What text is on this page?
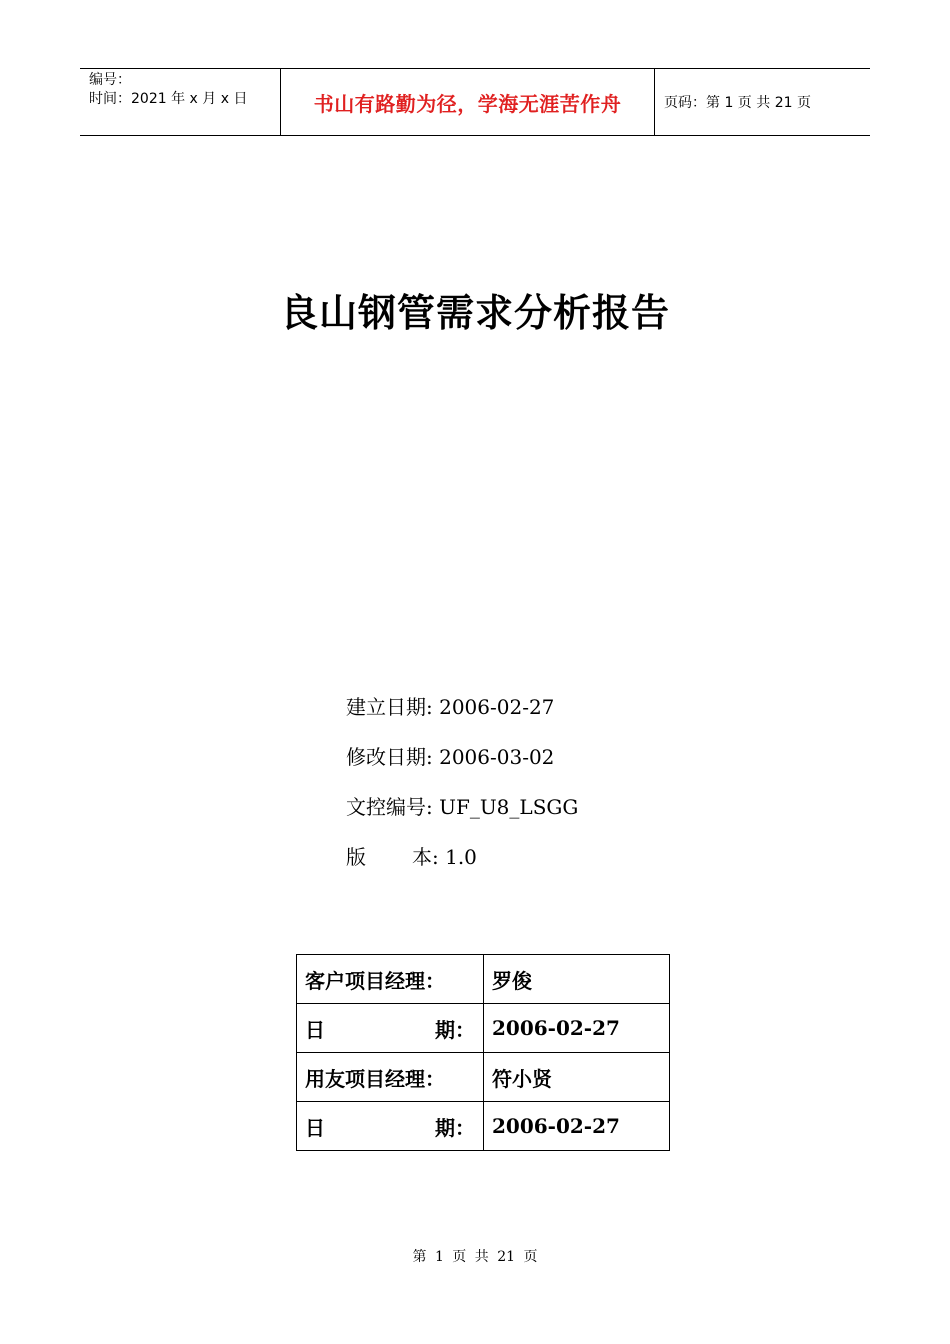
编号：
时间：2021 年 x 月 x 日	书山有路勤为径，学海无涯苦作舟	页码：第 1 页 共 21 页
良山钢管需求分析报告
建立日期: 2006-02-27
修改日期: 2006-03-02
文控编号: UF_U8_LSGG
版 本: 1.0
客户项目经理：	罗俊

日 期：	2006-02-27
用友项目经理：	符小贤

日 期：	2006-02-27
第 1 页 共 21 页
